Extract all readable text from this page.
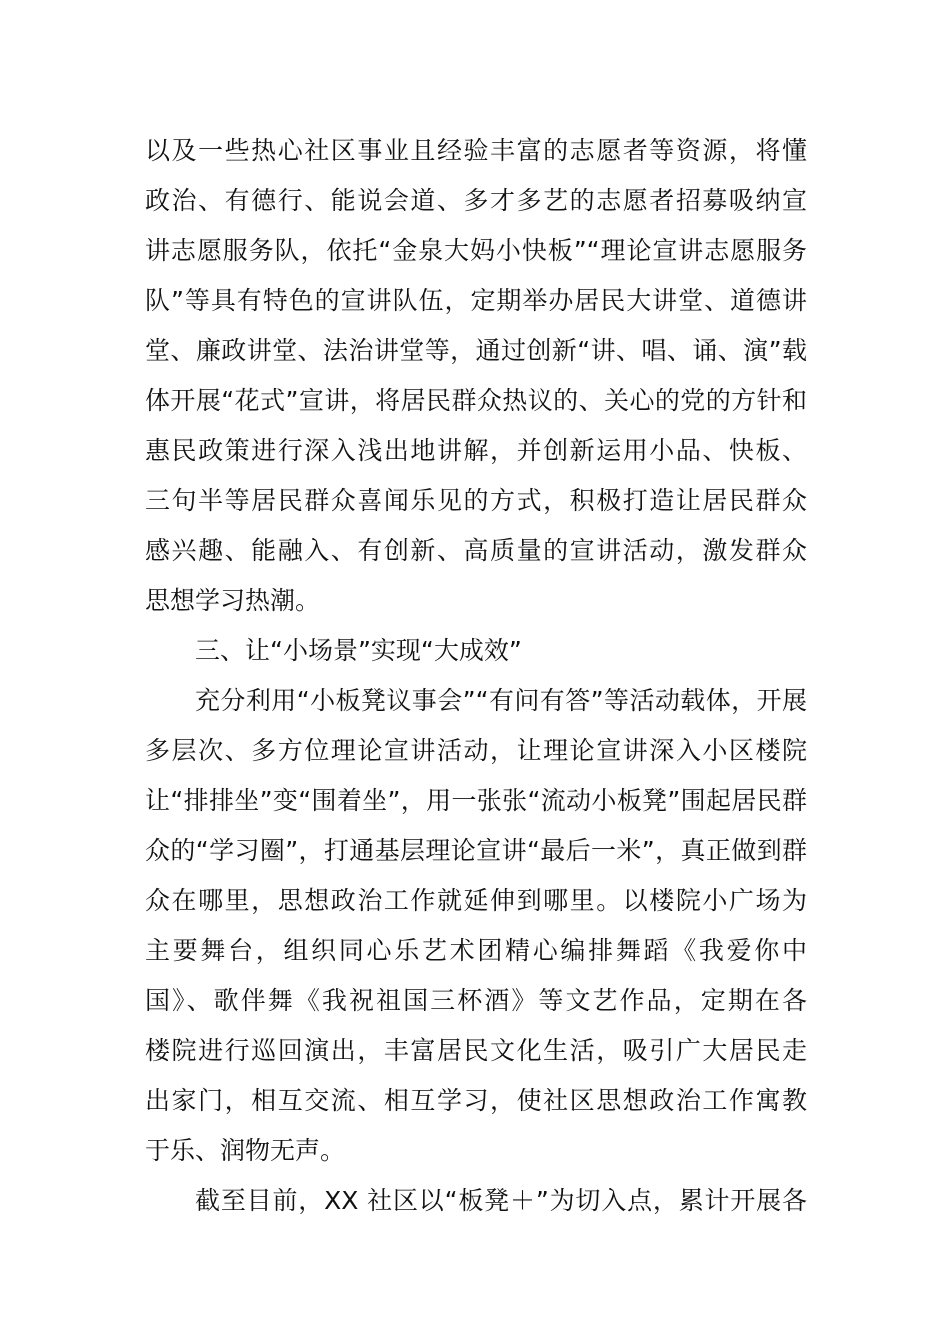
以及一些热心社区事业且经验丰富的志愿者等资源，将懂
政治、有德行、能说会道、多才多艺的志愿者招募吸纳宣
讲志愿服务队，依托“金泉大妈小快板”“理论宣讲志愿服务
队”等具有特色的宣讲队伍，定期举办居民大讲堂、道德讲
堂、廉政讲堂、法治讲堂等，通过创新“讲、唱、诵、演”载
体开展“花式”宣讲，将居民群众热议的、关心的党的方针和
惠民政策进行深入浅出地讲解，并创新运用小品、快板、
三句半等居民群众喜闻乐见的方式，积极打造让居民群众
感兴趣、能融入、有创新、高质量的宣讲活动，激发群众
思想学习热潮。
三、让“小场景”实现“大成效”
充分利用“小板凳议事会”“有问有答”等活动载体，开展
多层次、多方位理论宣讲活动，让理论宣讲深入小区楼院
让“排排坐”变“围着坐”，用一张张“流动小板凳”围起居民群
众的“学习圈”，打通基层理论宣讲“最后一米”，真正做到群
众在哪里，思想政治工作就延伸到哪里。以楼院小广场为
主要舞台，组织同心乐艺术团精心编排舞蹈《我爱你中
国》、歌伴舞《我祝祖国三杯酒》等文艺作品，定期在各
楼院进行巡回演出，丰富居民文化生活，吸引广大居民走
出家门，相互交流、相互学习，使社区思想政治工作寓教
于乐、润物无声。
截至目前，XX 社区以“板凳＋”为切入点，累计开展各
